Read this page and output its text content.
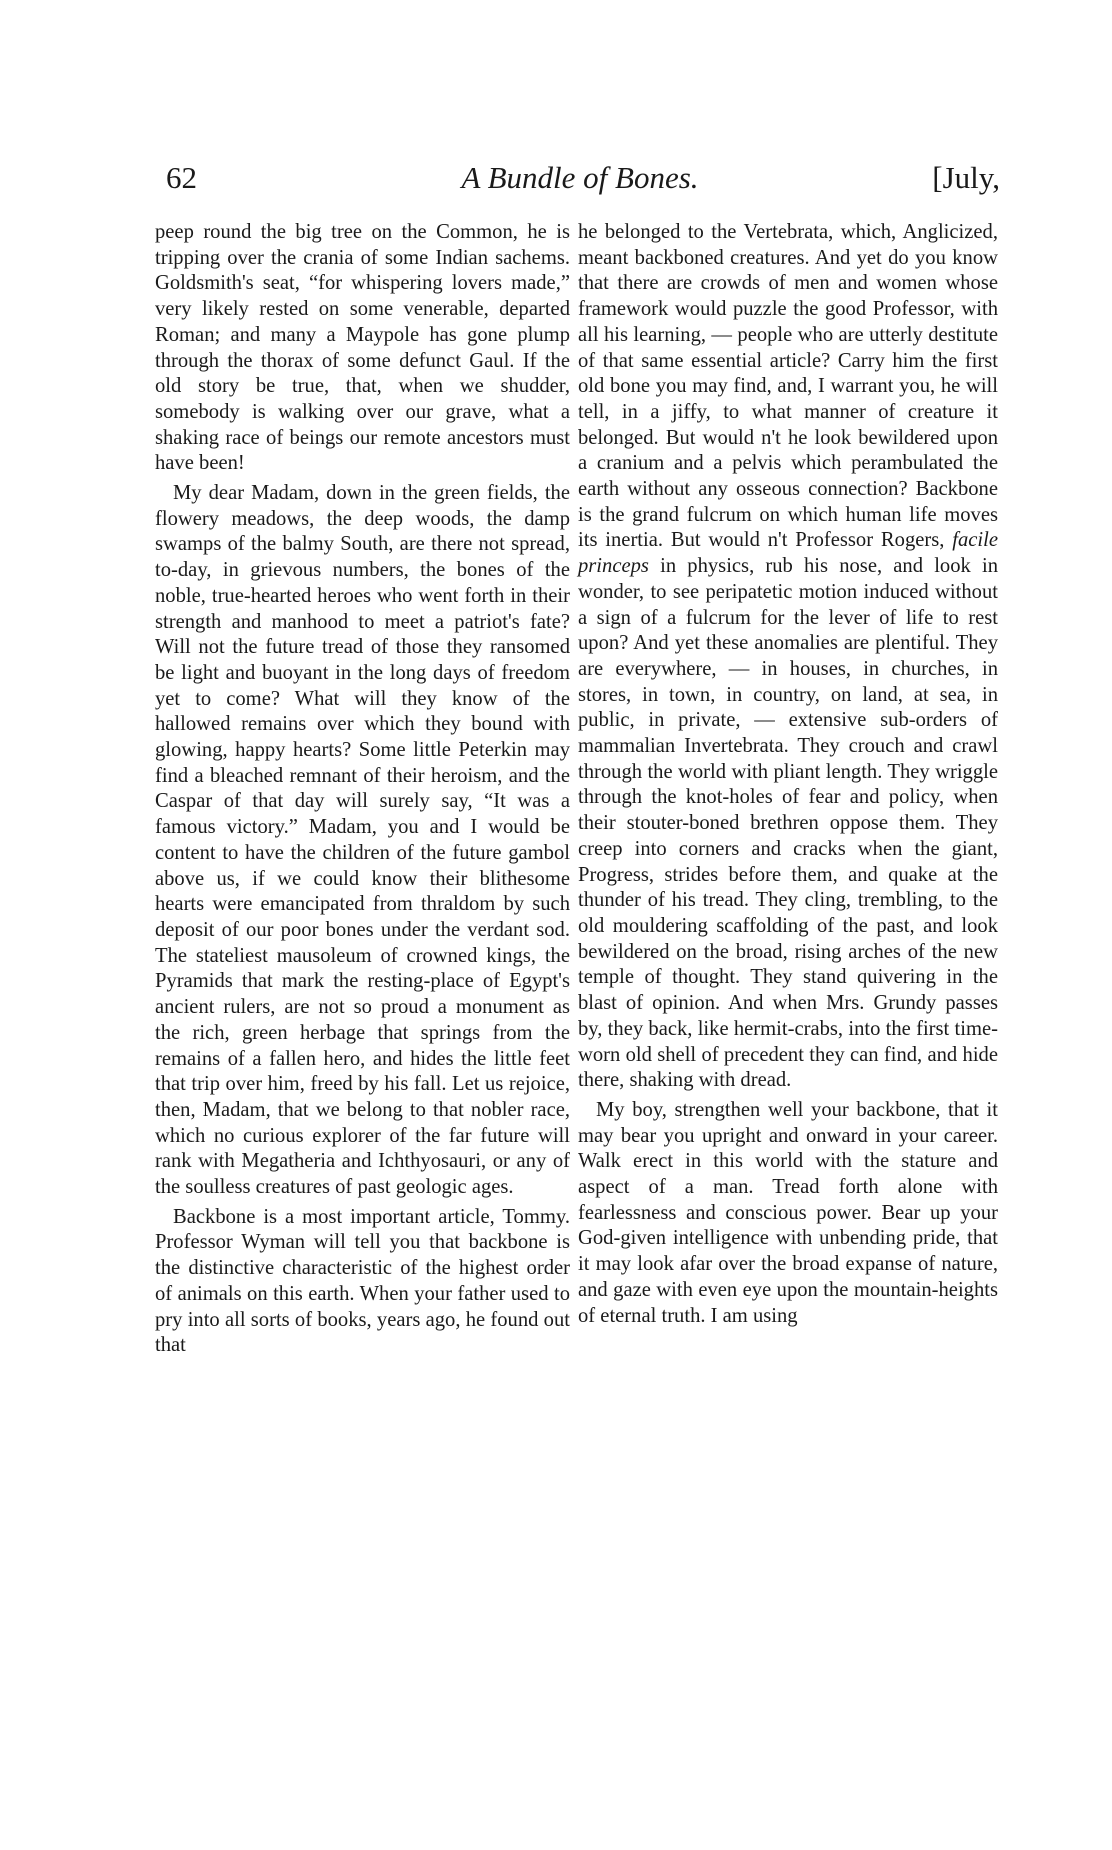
62	A Bundle of Bones.	[July,

peep round the big tree on the Common, he is tripping over the crania of some Indian sachems. Goldsmith's seat, “for whispering lovers made,” very likely rested on some venerable, departed Roman; and many a Maypole has gone plump through the thorax of some defunct Gaul. If the old story be true, that, when we shudder, somebody is walking over our grave, what a shaking race of beings our remote ancestors must have been!

My dear Madam, down in the green fields, the flowery meadows, the deep woods, the damp swamps of the balmy South, are there not spread, to-day, in grievous numbers, the bones of the noble, true-hearted heroes who went forth in their strength and manhood to meet a patriot's fate? Will not the future tread of those they ransomed be light and buoyant in the long days of freedom yet to come? What will they know of the hallowed remains over which they bound with glowing, happy hearts? Some little Peterkin may find a bleached remnant of their heroism, and the Caspar of that day will surely say, “It was a famous victory.” Madam, you and I would be content to have the children of the future gambol above us, if we could know their blithesome hearts were emancipated from thraldom by such deposit of our poor bones under the verdant sod. The stateliest mausoleum of crowned kings, the Pyramids that mark the resting-place of Egypt's ancient rulers, are not so proud a monument as the rich, green herbage that springs from the remains of a fallen hero, and hides the little feet that trip over him, freed by his fall. Let us rejoice, then, Madam, that we belong to that nobler race, which no curious explorer of the far future will rank with Megatheria and Ichthyosauri, or any of the soulless creatures of past geologic ages.

Backbone is a most important article, Tommy. Professor Wyman will tell you that backbone is the distinctive characteristic of the highest order of animals on this earth. When your father used to pry into all sorts of books, years ago, he found out that

he belonged to the Vertebrata, which, Anglicized, meant backboned creatures. And yet do you know that there are crowds of men and women whose framework would puzzle the good Professor, with all his learning, — people who are utterly destitute of that same essential article? Carry him the first old bone you may find, and, I warrant you, he will tell, in a jiffy, to what manner of creature it belonged. But would n't he look bewildered upon a cranium and a pelvis which perambulated the earth without any osseous connection? Backbone is the grand fulcrum on which human life moves its inertia. But would n't Professor Rogers, facile princeps in physics, rub his nose, and look in wonder, to see peripatetic motion induced without a sign of a fulcrum for the lever of life to rest upon? And yet these anomalies are plentiful. They are everywhere, — in houses, in churches, in stores, in town, in country, on land, at sea, in public, in private, — extensive sub-orders of mammalian Invertebrata. They crouch and crawl through the world with pliant length. They wriggle through the knot-holes of fear and policy, when their stouter-boned brethren oppose them. They creep into corners and cracks when the giant, Progress, strides before them, and quake at the thunder of his tread. They cling, trembling, to the old mouldering scaffolding of the past, and look bewildered on the broad, rising arches of the new temple of thought. They stand quivering in the blast of opinion. And when Mrs. Grundy passes by, they back, like hermit-crabs, into the first time-worn old shell of precedent they can find, and hide there, shaking with dread.

My boy, strengthen well your backbone, that it may bear you upright and onward in your career. Walk erect in this world with the stature and aspect of a man. Tread forth alone with fearlessness and conscious power. Bear up your God-given intelligence with unbending pride, that it may look afar over the broad expanse of nature, and gaze with even eye upon the mountain-heights of eternal truth. I am using
